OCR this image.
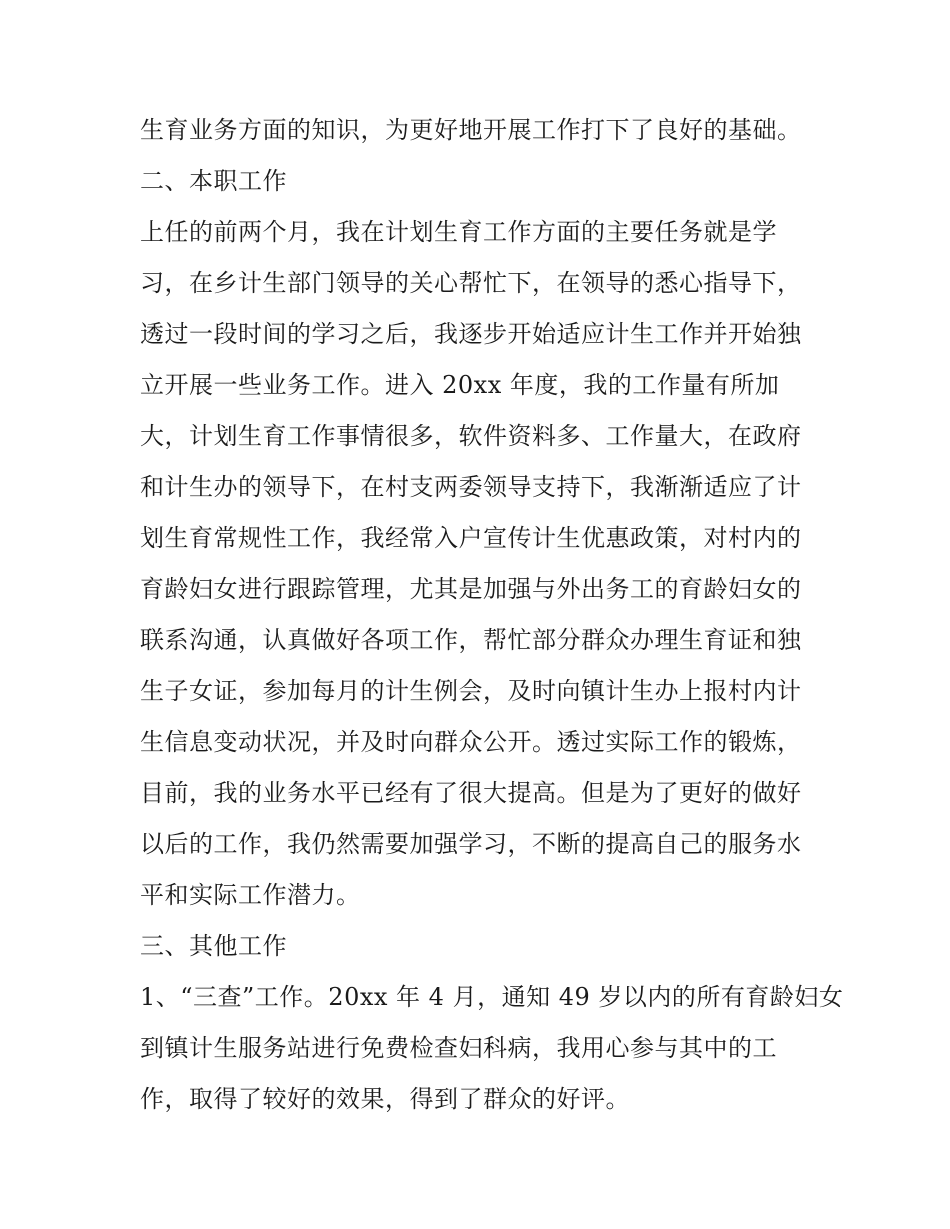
生育业务方面的知识，为更好地开展工作打下了良好的基础。
二、本职工作
上任的前两个月，我在计划生育工作方面的主要任务就是学
习，在乡计生部门领导的关心帮忙下，在领导的悉心指导下，
透过一段时间的学习之后，我逐步开始适应计生工作并开始独
立开展一些业务工作。进入 20xx 年度，我的工作量有所加
大，计划生育工作事情很多，软件资料多、工作量大，在政府
和计生办的领导下，在村支两委领导支持下，我渐渐适应了计
划生育常规性工作，我经常入户宣传计生优惠政策，对村内的
育龄妇女进行跟踪管理，尤其是加强与外出务工的育龄妇女的
联系沟通，认真做好各项工作，帮忙部分群众办理生育证和独
生子女证，参加每月的计生例会，及时向镇计生办上报村内计
生信息变动状况，并及时向群众公开。透过实际工作的锻炼，
目前，我的业务水平已经有了很大提高。但是为了更好的做好
以后的工作，我仍然需要加强学习，不断的提高自己的服务水
平和实际工作潜力。
三、其他工作
1、“三查”工作。20xx 年 4 月，通知 49 岁以内的所有育龄妇女
到镇计生服务站进行免费检查妇科病，我用心参与其中的工
作，取得了较好的效果，得到了群众的好评。
